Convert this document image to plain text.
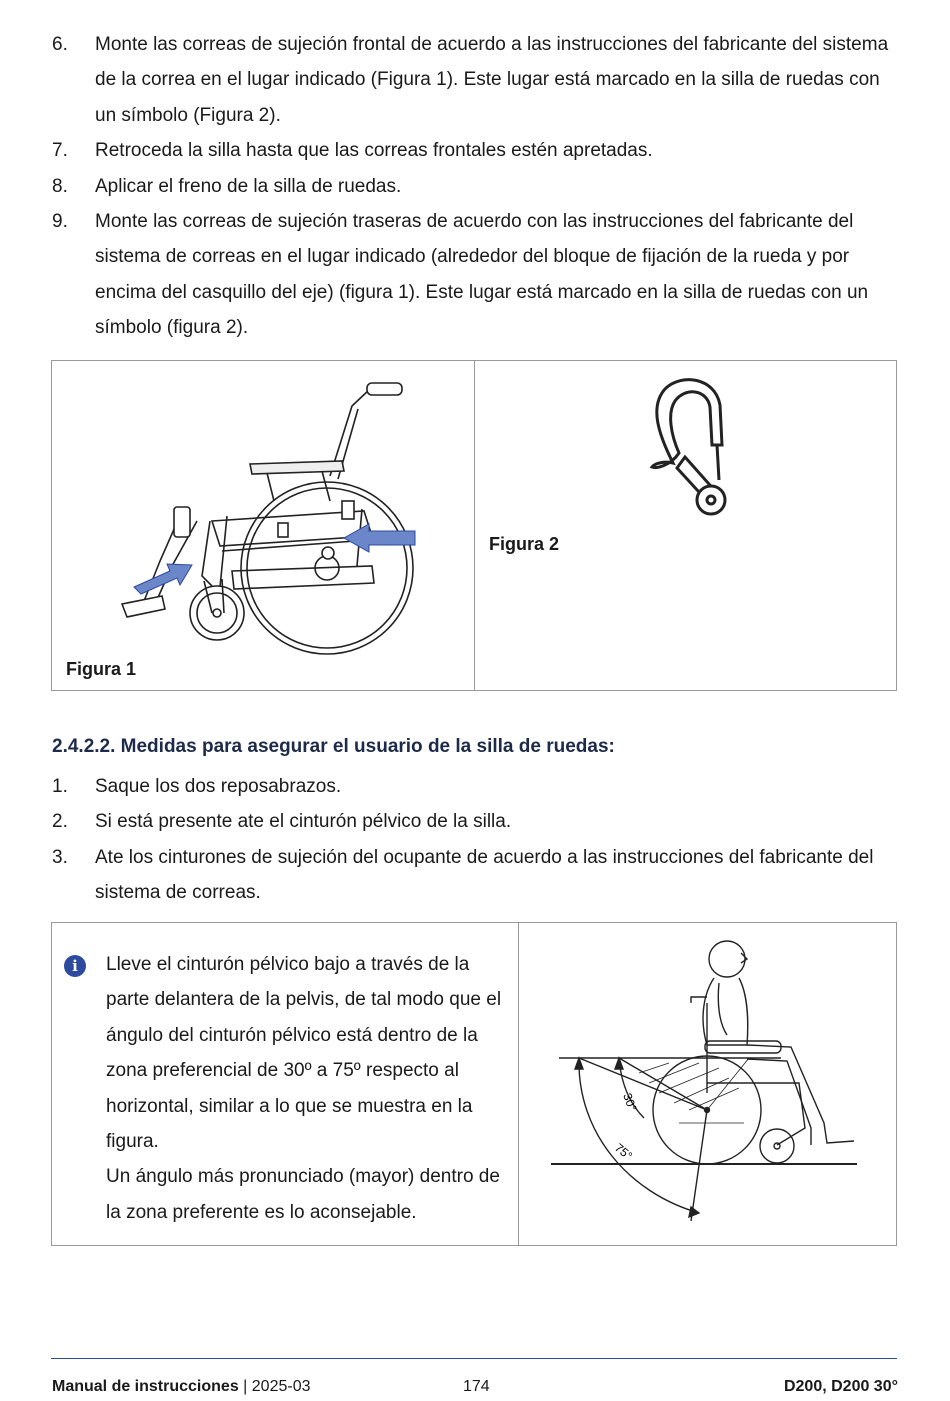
6.	Monte las correas de sujeción frontal de acuerdo a las instrucciones del fabricante del sistema de la correa en el lugar indicado (Figura 1). Este lugar está marcado en la silla de ruedas con un símbolo (Figura 2).
7.	Retroceda la silla hasta que las correas frontales estén apretadas.
8.	Aplicar el freno de la silla de ruedas.
9.	Monte las correas de sujeción traseras de acuerdo con las instrucciones del fabricante del sistema de correas en el lugar indicado (alrededor del bloque de fijación de la rueda y por encima del casquillo del eje) (figura 1). Este lugar está marcado en la silla de ruedas con un símbolo (figura 2).
Figura 1
Figura 2
2.4.2.2. Medidas para asegurar el usuario de la silla de ruedas:
1.	Saque los dos reposabrazos.
2.	Si está presente ate el cinturón pélvico de la silla.
3.	Ate los cinturones de sujeción del ocupante de acuerdo a las instrucciones del fabricante del sistema de correas.
i	Lleve el cinturón pélvico bajo a través de la parte delantera de la pelvis, de tal modo que el ángulo del cinturón pélvico está dentro de la zona preferencial de 30º a 75º respecto al horizontal, similar a lo que se muestra en la figura.
Un ángulo más pronunciado (mayor) dentro de la zona preferente es lo aconsejable.
30°
75°
Manual de instrucciones | 2025-03	174	D200, D200 30°
